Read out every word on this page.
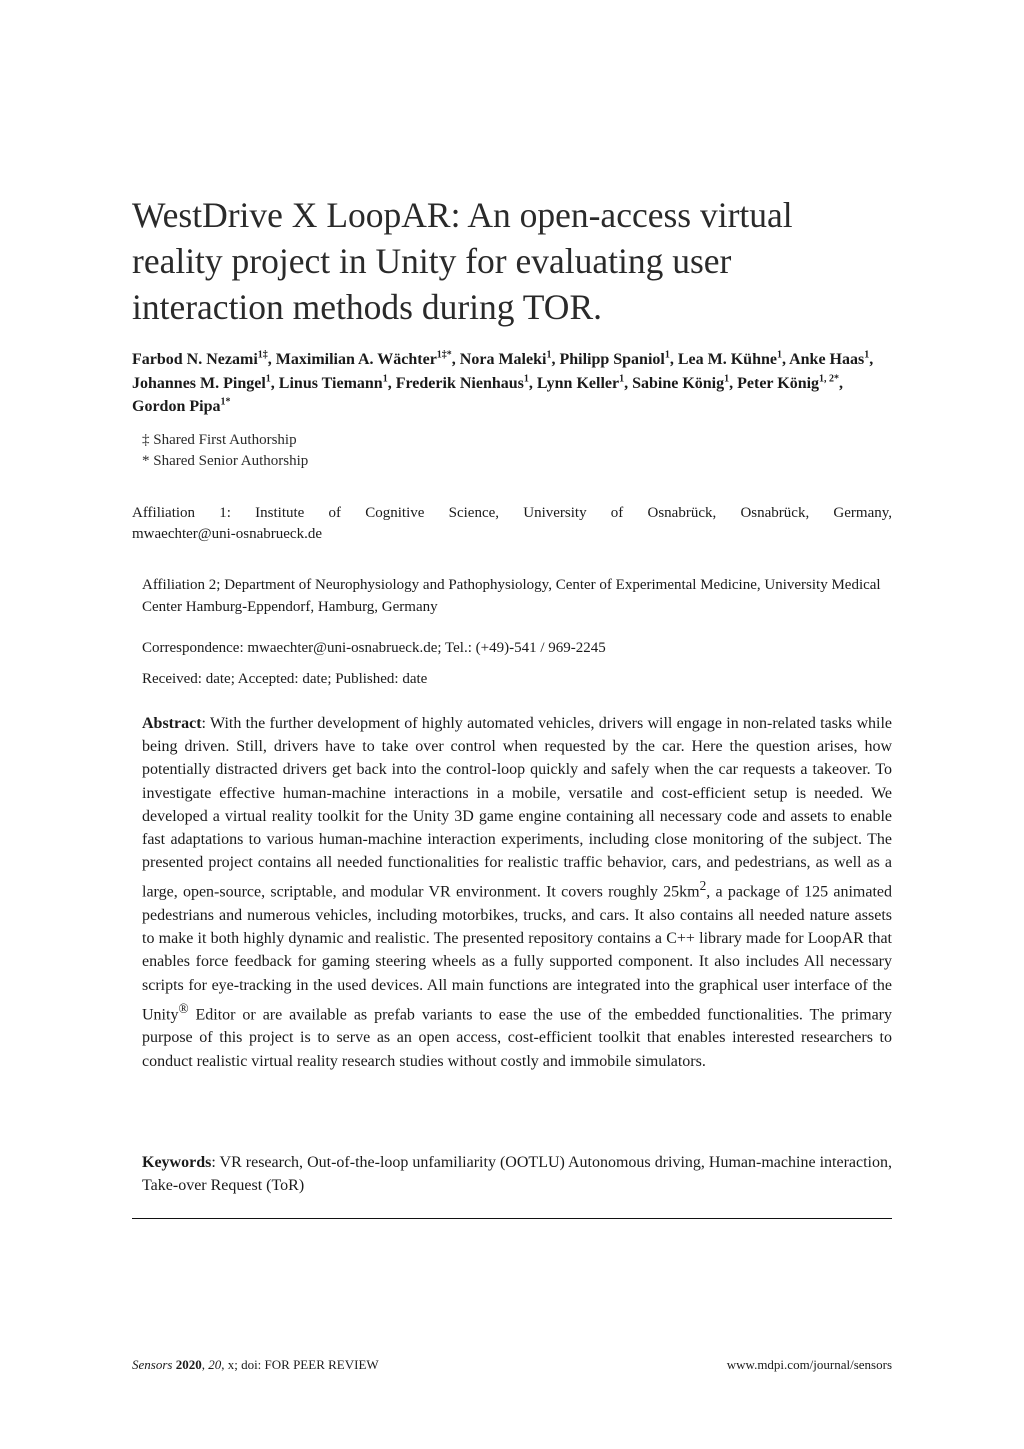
WestDrive X LoopAR: An open-access virtual reality project in Unity for evaluating user interaction methods during TOR.
Farbod N. Nezami$^{1\ddagger}$, Maximilian A. Wächter$^{1\ddagger*}$, Nora Maleki$^1$, Philipp Spaniol$^1$, Lea M. Kühne$^1$, Anke Haas$^1$, Johannes M. Pingel$^1$, Linus Tiemann$^1$, Frederik Nienhaus$^1$, Lynn Keller$^1$, Sabine König$^1$, Peter König$^{1, 2*}$, Gordon Pipa$^{1*}$
‡ Shared First Authorship
* Shared Senior Authorship
Affiliation 1: Institute of Cognitive Science, University of Osnabrück, Osnabrück, Germany,
mwaechter@uni-osnabrueck.de
Affiliation 2; Department of Neurophysiology and Pathophysiology, Center of Experimental Medicine, University Medical Center Hamburg-Eppendorf, Hamburg, Germany
Correspondence: mwaechter@uni-osnabrueck.de; Tel.: (+49)-541 / 969-2245
Received: date; Accepted: date; Published: date

Abstract: With the further development of highly automated vehicles, drivers will engage in non-related tasks while being driven. Still, drivers have to take over control when requested by the car. Here the question arises, how potentially distracted drivers get back into the control-loop quickly and safely when the car requests a takeover. To investigate effective human-machine interactions in a mobile, versatile and cost-efficient setup is needed. We developed a virtual reality toolkit for the Unity 3D game engine containing all necessary code and assets to enable fast adaptations to various human-machine interaction experiments, including close monitoring of the subject. The presented project contains all needed functionalities for realistic traffic behavior, cars, and pedestrians, as well as a large, open-source, scriptable, and modular VR environment. It covers roughly $25km^2$, a package of 125 animated pedestrians and numerous vehicles, including motorbikes, trucks, and cars. It also contains all needed nature assets to make it both highly dynamic and realistic. The presented repository contains a C++ library made for LoopAR that enables force feedback for gaming steering wheels as a fully supported component. It also includes All necessary scripts for eye-tracking in the used devices. All main functions are integrated into the graphical user interface of the Unity® Editor or are available as prefab variants to ease the use of the embedded functionalities. The primary purpose of this project is to serve as an open access, cost-efficient toolkit that enables interested researchers to conduct realistic virtual reality research studies without costly and immobile simulators.

Keywords: VR research, Out-of-the-loop unfamiliarity (OOTLU) Autonomous driving, Human-machine interaction, Take-over Request (ToR)

Sensors 2020, 20, x; doi: FOR PEER REVIEW	www.mdpi.com/journal/sensors
